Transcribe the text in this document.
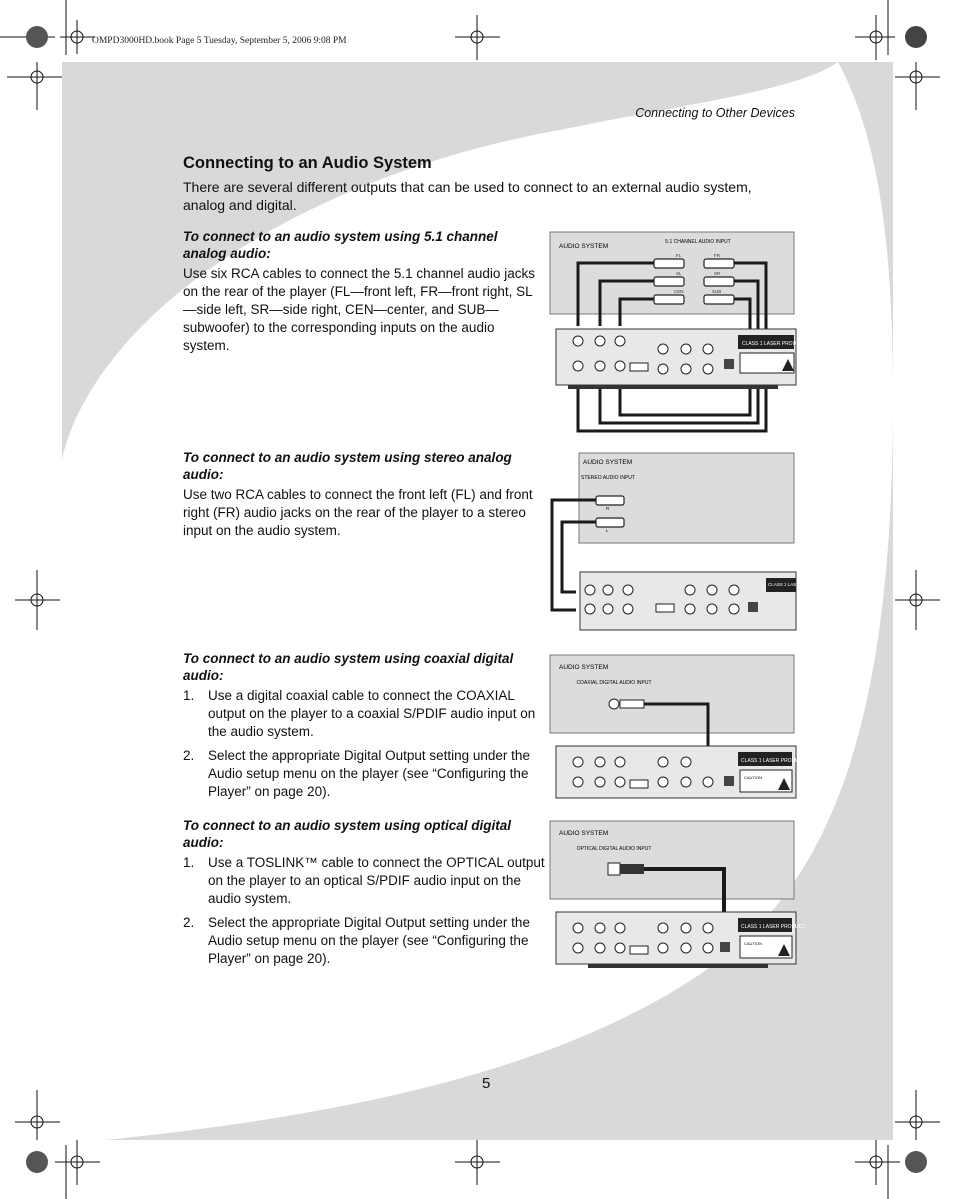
OMPD3000HD.book Page 5 Tuesday, September 5, 2006 9:08 PM
Connecting to Other Devices
Connecting to an Audio System
There are several different outputs that can be used to connect to an external audio system, analog and digital.
To connect to an audio system using 5.1 channel analog audio:
Use six RCA cables to connect the 5.1 channel audio jacks on the rear of the player (FL—front left, FR—front right, SL—side left, SR—side right, CEN—center, and SUB—subwoofer) to the corresponding inputs on the audio system.
To connect to an audio system using stereo analog audio:
Use two RCA cables to connect the front left (FL) and front right (FR) audio jacks on the rear of the player to a stereo input on the audio system.
To connect to an audio system using coaxial digital audio:
1. Use a digital coaxial cable to connect the COAXIAL output on the player to a coaxial S/PDIF audio input on the audio system.
2. Select the appropriate Digital Output setting under the Audio setup menu on the player (see “Configuring the Player” on page 20).
To connect to an audio system using optical digital audio:
1. Use a TOSLINK™ cable to connect the OPTICAL output on the player to an optical S/PDIF audio input on the audio system.
2. Select the appropriate Digital Output setting under the Audio setup menu on the player (see “Configuring the Player” on page 20).
AUDIO SYSTEM
5.1 CHANNEL AUDIO INPUT
FL	FR
SL	SR
CEN	SUB
CLASS 1 LASER PRODUCT
AUDIO SYSTEM
STEREO AUDIO INPUT
R
L
CLASS 1 LASER PR
AUDIO SYSTEM
COAXIAL DIGITAL AUDIO INPUT
CLASS 1 LASER PRODUCT
CAUTION
AUDIO SYSTEM
OPTICAL DIGITAL AUDIO INPUT
CLASS 1 LASER PRODUCT
CAUTION
5
